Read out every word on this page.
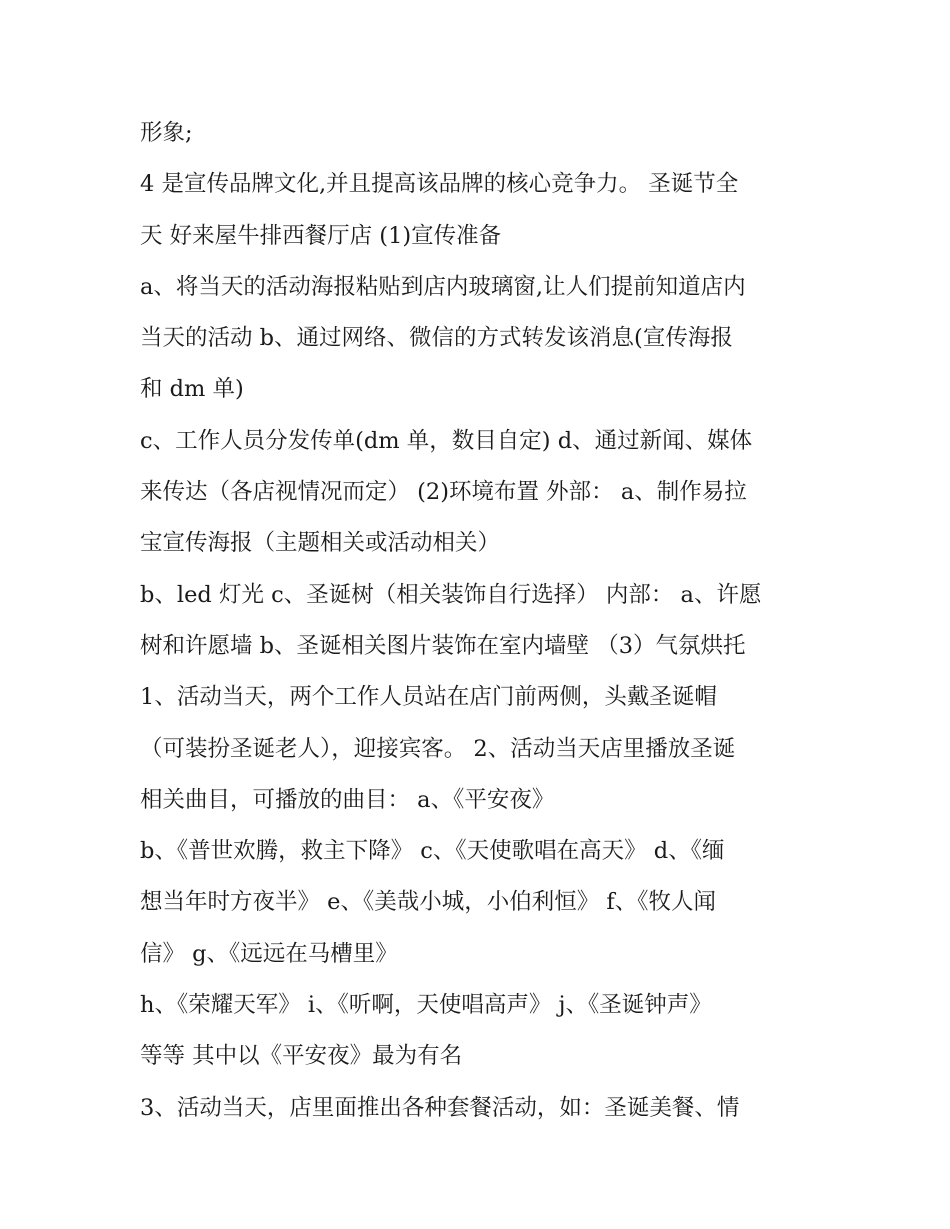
形象;

4 是宣传品牌文化,并且提高该品牌的核心竞争力。 圣诞节全
天 好来屋牛排西餐厅店 (1)宣传准备

a、将当天的活动海报粘贴到店内玻璃窗,让人们提前知道店内
当天的活动 b、通过网络、微信的方式转发该消息(宣传海报
和 dm 单)

c、工作人员分发传单(dm 单，数目自定) d、通过新闻、媒体
来传达（各店视情况而定） (2)环境布置 外部： a、制作易拉
宝宣传海报（主题相关或活动相关）

b、led 灯光 c、圣诞树（相关装饰自行选择） 内部： a、许愿
树和许愿墙 b、圣诞相关图片装饰在室内墙壁 （3）气氛烘托

1、活动当天，两个工作人员站在店门前两侧，头戴圣诞帽
（可装扮圣诞老人），迎接宾客。 2、活动当天店里播放圣诞
相关曲目，可播放的曲目： a、《平安夜》

b、《普世欢腾，救主下降》 c、《天使歌唱在高天》 d、《缅
想当年时方夜半》 e、《美哉小城，小伯利恒》 f、《牧人闻
信》 g、《远远在马槽里》

h、《荣耀天军》 i、《听啊，天使唱高声》 j、《圣诞钟声》
等等 其中以《平安夜》最为有名

3、活动当天，店里面推出各种套餐活动，如：圣诞美餐、情
